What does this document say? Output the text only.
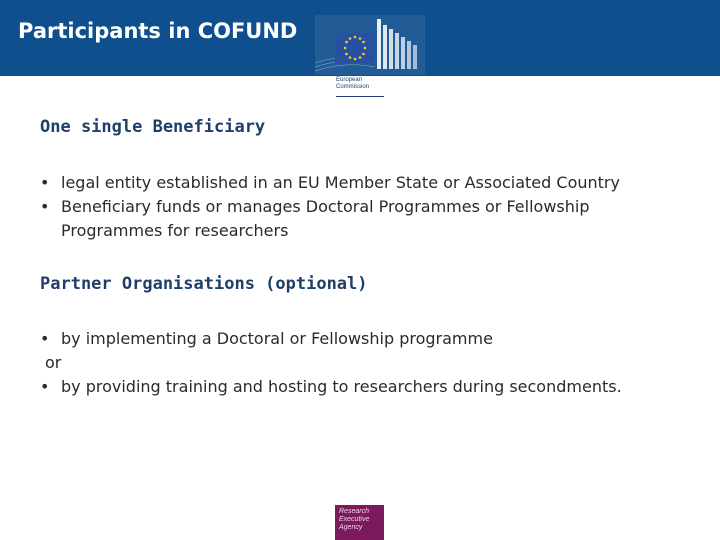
Participants in COFUND
European
Commission
One single Beneficiary
• legal entity established in an EU Member State or Associated Country
• Beneficiary funds or manages Doctoral Programmes or Fellowship
Programmes for researchers
Partner Organisations (optional)
• by implementing a Doctoral or Fellowship programme
or
• by providing training and hosting to researchers during secondments.
Research
Executive
Agency
